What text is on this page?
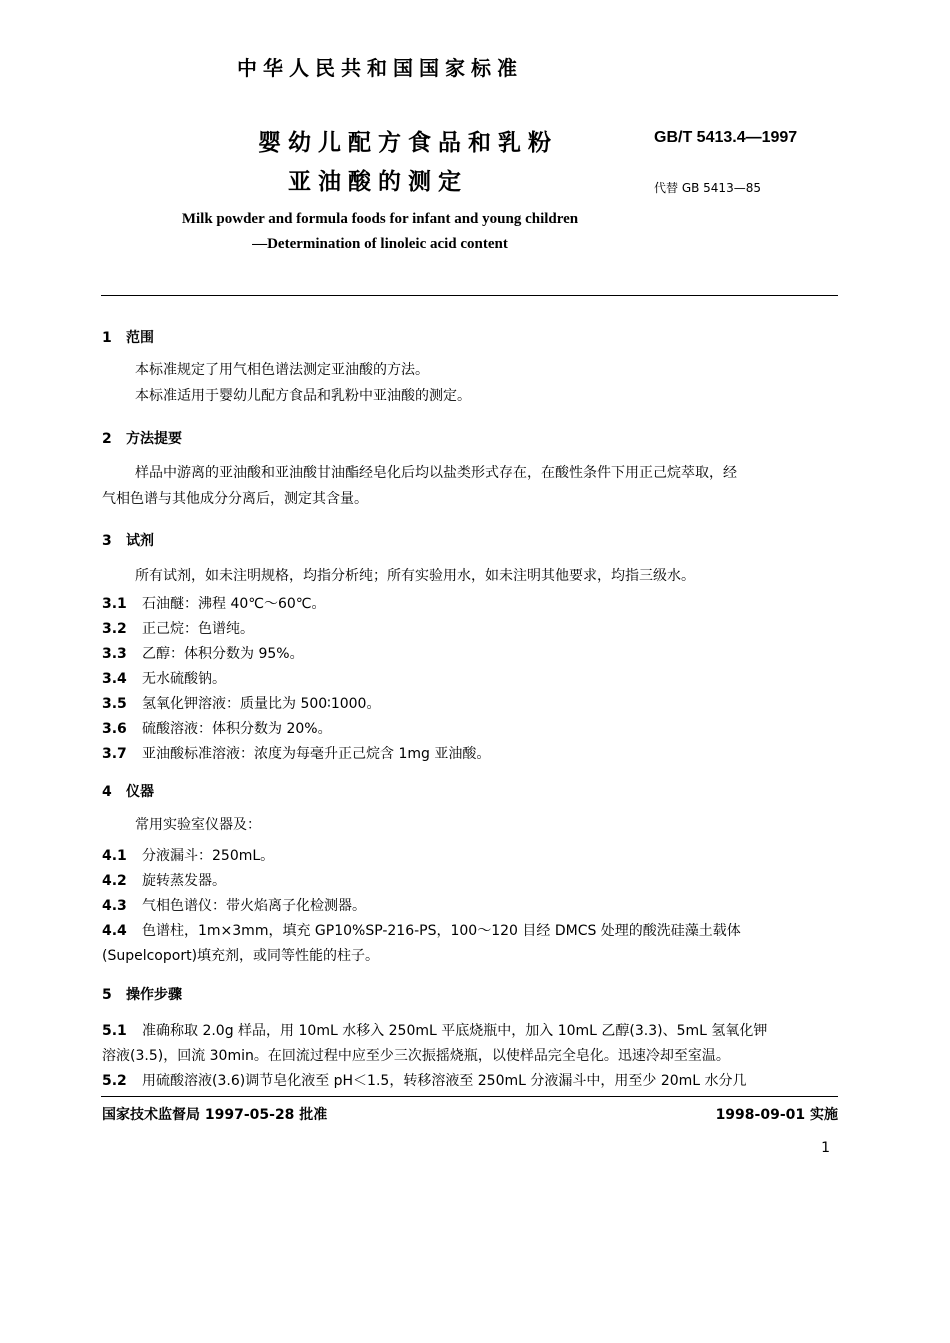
中华人民共和国国家标准
婴幼儿配方食品和乳粉
亚油酸的测定
GB/T 5413.4—1997
代替 GB 5413—85
Milk powder and formula foods for infant and young children
—Determination of linoleic acid content
1 范围
本标准规定了用气相色谱法测定亚油酸的方法。
本标准适用于婴幼儿配方食品和乳粉中亚油酸的测定。
2 方法提要
样品中游离的亚油酸和亚油酸甘油酯经皂化后均以盐类形式存在，在酸性条件下用正己烷萃取，经
气相色谱与其他成分分离后，测定其含量。
3 试剂
所有试剂，如未注明规格，均指分析纯；所有实验用水，如未注明其他要求，均指三级水。
3.1 石油醚：沸程 40℃～60℃。
3.2 正己烷：色谱纯。
3.3 乙醇：体积分数为 95%。
3.4 无水硫酸钠。
3.5 氢氧化钾溶液：质量比为 500∶1000。
3.6 硫酸溶液：体积分数为 20%。
3.7 亚油酸标准溶液：浓度为每毫升正己烷含 1mg 亚油酸。
4 仪器
常用实验室仪器及：
4.1 分液漏斗：250mL。
4.2 旋转蒸发器。
4.3 气相色谱仪：带火焰离子化检测器。
4.4 色谱柱，1m×3mm，填充 GP10%SP-216-PS，100～120 目经 DMCS 处理的酸洗硅藻土载体
(Supelcoport)填充剂，或同等性能的柱子。
5 操作步骤
5.1 准确称取 2.0g 样品，用 10mL 水移入 250mL 平底烧瓶中，加入 10mL 乙醇(3.3)、5mL 氢氧化钾
溶液(3.5)，回流 30min。在回流过程中应至少三次振摇烧瓶，以使样品完全皂化。迅速冷却至室温。
5.2 用硫酸溶液(3.6)调节皂化液至 pH＜1.5，转移溶液至 250mL 分液漏斗中，用至少 20mL 水分几
国家技术监督局 1997-05-28 批准	1998-09-01 实施
1
